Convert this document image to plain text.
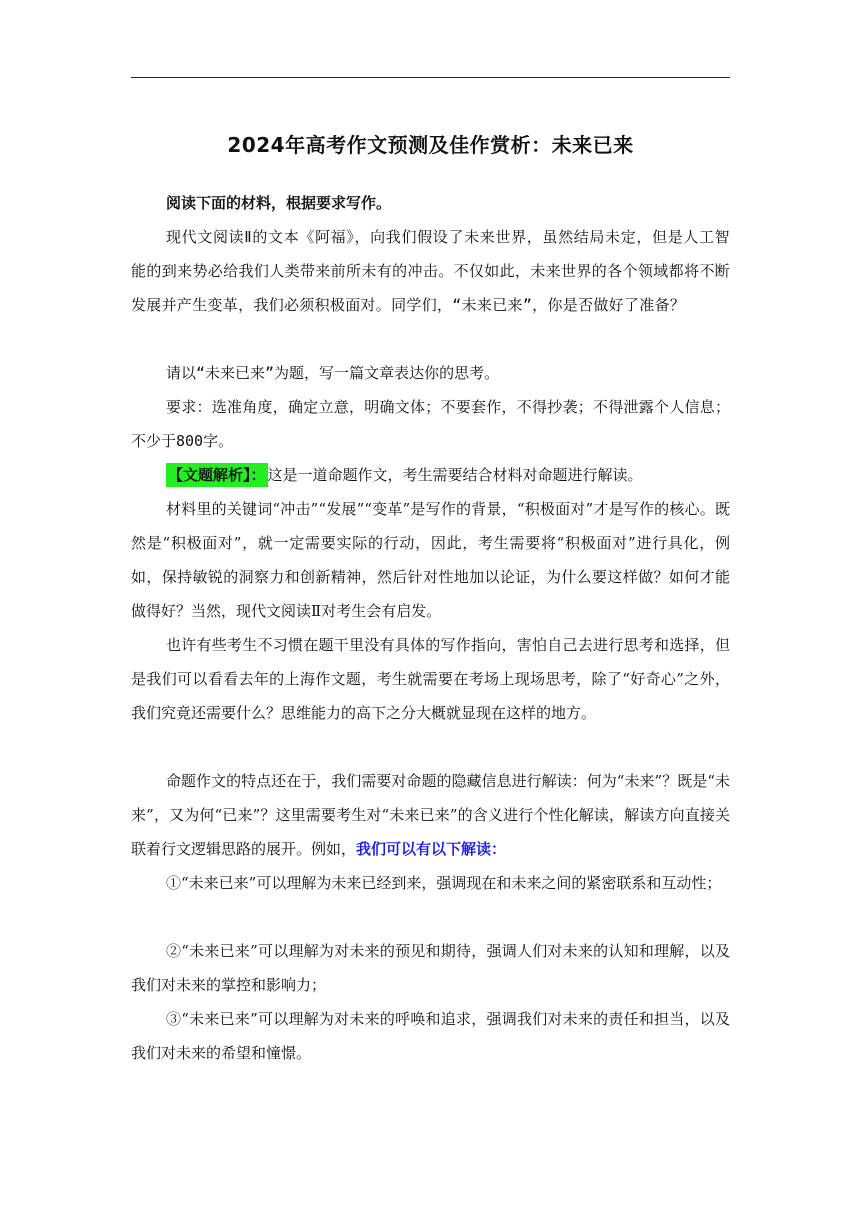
2024年高考作文预测及佳作赏析：未来已来

阅读下面的材料，根据要求写作。

现代文阅读Ⅱ的文本《阿福》，向我们假设了未来世界，虽然结局未定，但是人工智能的到来势必给我们人类带来前所未有的冲击。不仅如此，未来世界的各个领域都将不断发展并产生变革，我们必须积极面对。同学们，“未来已来”，你是否做好了准备？

请以“未来已来”为题，写一篇文章表达你的思考。

要求：选准角度，确定立意，明确文体；不要套作，不得抄袭；不得泄露个人信息；不少于800字。

【文题解析】： 这是一道命题作文，考生需要结合材料对命题进行解读。

材料里的关键词“冲击”“发展”“变革”是写作的背景，“积极面对”才是写作的核心。既然是“积极面对”，就一定需要实际的行动，因此，考生需要将“积极面对”进行具化，例如，保持敏锐的洞察力和创新精神，然后针对性地加以论证，为什么要这样做？如何才能做得好？当然，现代文阅读Ⅱ对考生会有启发。

也许有些考生不习惯在题干里没有具体的写作指向，害怕自己去进行思考和选择，但是我们可以看看去年的上海作文题，考生就需要在考场上现场思考，除了“好奇心”之外，我们究竟还需要什么？思维能力的高下之分大概就显现在这样的地方。

命题作文的特点还在于，我们需要对命题的隐藏信息进行解读：何为“未来”？既是“未来”，又为何“已来”？这里需要考生对“未来已来”的含义进行个性化解读，解读方向直接关联着行文逻辑思路的展开。例如，我们可以有以下解读：

①“未来已来”可以理解为未来已经到来，强调现在和未来之间的紧密联系和互动性；

②“未来已来”可以理解为对未来的预见和期待，强调人们对未来的认知和理解，以及我们对未来的掌控和影响力；

③“未来已来”可以理解为对未来的呼唤和追求，强调我们对未来的责任和担当，以及我们对未来的希望和憧憬。
